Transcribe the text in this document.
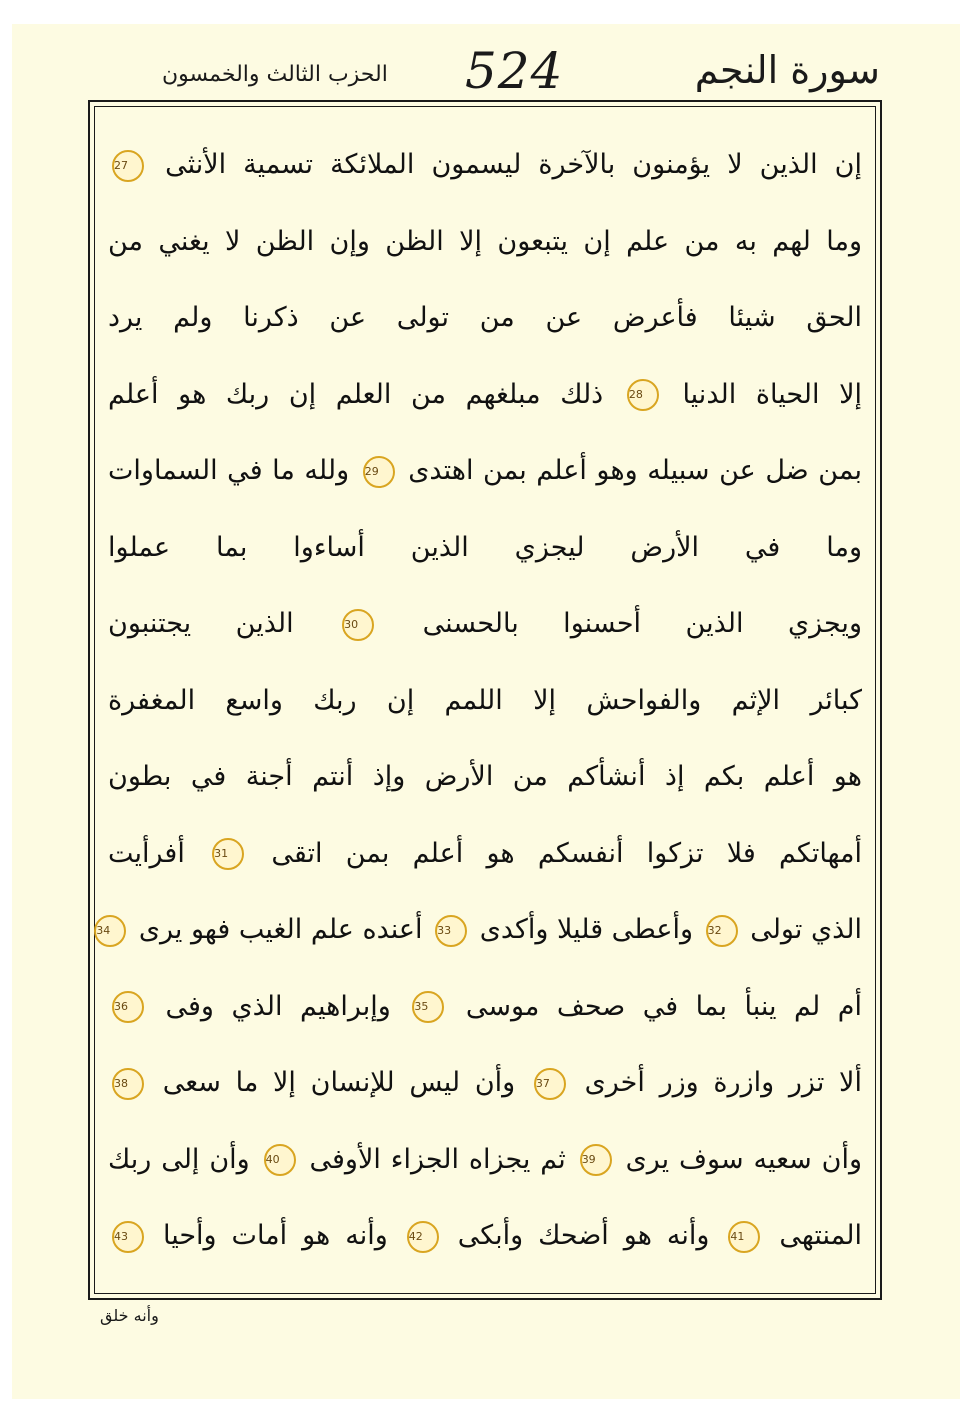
الحزب الثالث والخمسون 524	سورة النجم
إن الذين لا يؤمنون بالآخرة ليسمون الملائكة تسمية الأنثى 27
وما لهم به من علم إن يتبعون إلا الظن وإن الظن لا يغني من
الحق شيئا فأعرض عن من تولى عن ذكرنا ولم يرد
إلا الحياة الدنيا 28 ذلك مبلغهم من العلم إن ربك هو أعلم
بمن ضل عن سبيله وهو أعلم بمن اهتدى 29 ولله ما في السماوات
وما في الأرض ليجزي الذين أساءوا بما عملوا
ويجزي الذين أحسنوا بالحسنى 30 الذين يجتنبون
كبائر الإثم والفواحش إلا اللمم إن ربك واسع المغفرة
هو أعلم بكم إذ أنشأكم من الأرض وإذ أنتم أجنة في بطون
أمهاتكم فلا تزكوا أنفسكم هو أعلم بمن اتقى 31 أفرأيت
الذي تولى 32 وأعطى قليلا وأكدى 33 أعنده علم الغيب فهو يرى 34
أم لم ينبأ بما في صحف موسى 35 وإبراهيم الذي وفى 36
ألا تزر وازرة وزر أخرى 37 وأن ليس للإنسان إلا ما سعى 38
وأن سعيه سوف يرى 39 ثم يجزاه الجزاء الأوفى 40 وأن إلى ربك
المنتهى 41 وأنه هو أضحك وأبكى 42 وأنه هو أمات وأحيا 43
وأنه خلق
